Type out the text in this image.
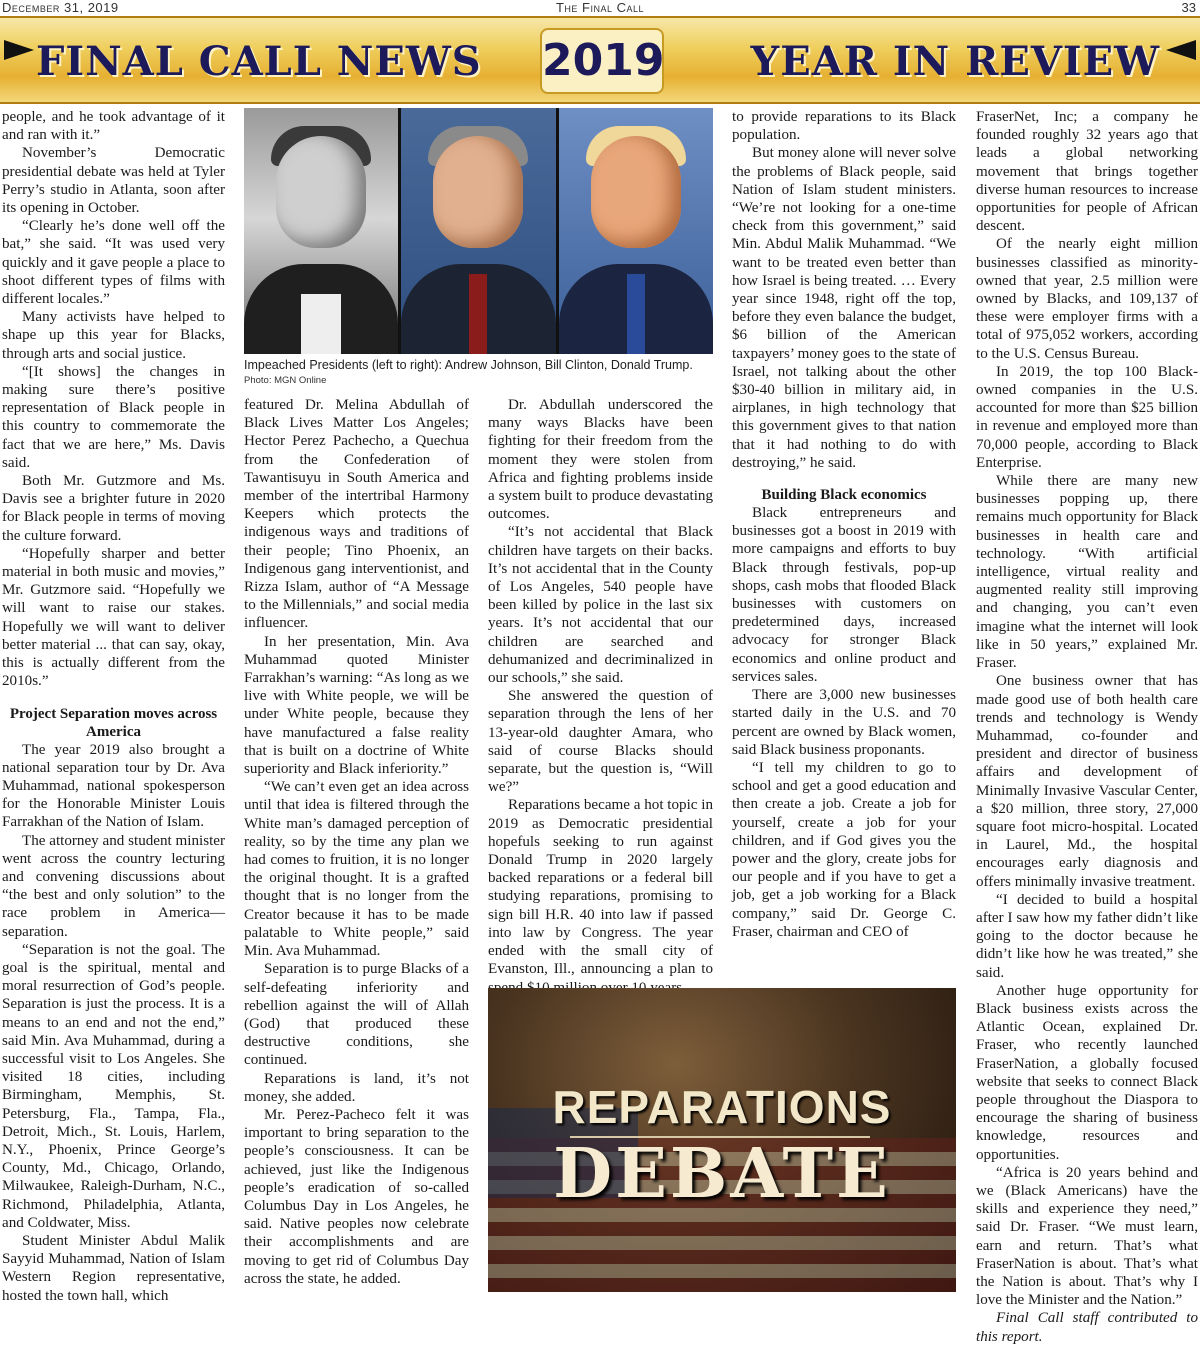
December 31, 2019	The Final Call	33
FINAL CALL NEWS 2019 YEAR IN REVIEW

people, and he took advantage of it and ran with it.”

November’s Democratic presidential debate was held at Tyler Perry’s studio in Atlanta, soon after its opening in October.

“Clearly he’s done well off the bat,” she said. “It was used very quickly and it gave people a place to shoot different types of films with different locales.”

Many activists have helped to shape up this year for Blacks, through arts and social justice.

“[It shows] the changes in making sure there’s positive representation of Black people in this country to commemorate the fact that we are here,” Ms. Davis said.

Both Mr. Gutzmore and Ms. Davis see a brighter future in 2020 for Black people in terms of moving the culture forward.

“Hopefully sharper and better material in both music and movies,” Mr. Gutzmore said. “Hopefully we will want to raise our stakes. Hopefully we will want to deliver better material ... that can say, okay, this is actually different from the 2010s.”

Project Separation moves across America

The year 2019 also brought a national separation tour by Dr. Ava Muhammad, national spokesperson for the Honorable Minister Louis Farrakhan of the Nation of Islam.

The attorney and student minister went across the country lecturing and convening discussions about “the best and only solution” to the race problem in America—separation.

“Separation is not the goal. The goal is the spiritual, mental and moral resurrection of God’s people. Separation is just the process. It is a means to an end and not the end,” said Min. Ava Muhammad, during a successful visit to Los Angeles. She visited 18 cities, including Birmingham, Memphis, St. Petersburg, Fla., Tampa, Fla., Detroit, Mich., St. Louis, Harlem, N.Y., Phoenix, Prince George’s County, Md., Chicago, Orlando, Milwaukee, Raleigh-Durham, N.C., Richmond, Philadelphia, Atlanta, and Coldwater, Miss.

Student Minister Abdul Malik Sayyid Muhammad, Nation of Islam Western Region representative, hosted the town hall, which

Impeached Presidents (left to right): Andrew Johnson, Bill Clinton, Donald Trump.
Photo: MGN Online

featured Dr. Melina Abdullah of Black Lives Matter Los Angeles; Hector Perez Pachecho, a Quechua from the Confederation of Tawantisuyu in South America and member of the intertribal Harmony Keepers which protects the indigenous ways and traditions of their people; Tino Phoenix, an Indigenous gang interventionist, and Rizza Islam, author of “A Message to the Millennials,” and social media influencer.

In her presentation, Min. Ava Muhammad quoted Minister Farrakhan’s warning: “As long as we live with White people, we will be under White people, because they have manufactured a false reality that is built on a doctrine of White superiority and Black inferiority.”

“We can’t even get an idea across until that idea is filtered through the White man’s damaged perception of reality, so by the time any plan we had comes to fruition, it is no longer the original thought. It is a grafted thought that is no longer from the Creator because it has to be made palatable to White people,” said Min. Ava Muhammad.

Separation is to purge Blacks of a self-defeating inferiority and rebellion against the will of Allah (God) that produced these destructive conditions, she continued.

Reparations is land, it’s not money, she added.

Mr. Perez-Pacheco felt it was important to bring separation to the people’s consciousness. It can be achieved, just like the Indigenous people’s eradication of so-called Columbus Day in Los Angeles, he said. Native peoples now celebrate their accomplishments and are moving to get rid of Columbus Day across the state, he added.

Dr. Abdullah underscored the many ways Blacks have been fighting for their freedom from the moment they were stolen from Africa and fighting problems inside a system built to produce devastating outcomes.

“It’s not accidental that Black children have targets on their backs. It’s not accidental that in the County of Los Angeles, 540 people have been killed by police in the last six years. It’s not accidental that our children are searched and dehumanized and decriminalized in our schools,” she said.

She answered the question of separation through the lens of her 13-year-old daughter Amara, who said of course Blacks should separate, but the question is, “Will we?”

Reparations became a hot topic in 2019 as Democratic presidential hopefuls seeking to run against Donald Trump in 2020 largely backed reparations or a federal bill studying reparations, promising to sign bill H.R. 40 into law if passed into law by Congress. The year ended with the small city of Evanston, Ill., announcing a plan to

REPARATIONS
DEBATE

to provide reparations to its Black population.

But money alone will never solve the problems of Black people, said Nation of Islam student ministers. “We’re not looking for a one-time check from this government,” said Min. Abdul Malik Muhammad. “We want to be treated even better than how Israel is being treated. … Every year since 1948, right off the top, before they even balance the budget, $6 billion of the American taxpayers’ money goes to the state of Israel, not talking about the other $30-40 billion in military aid, in airplanes, in high technology that this government gives to that nation that it had nothing to do with destroying,” he said.

Building Black economics

Black entrepreneurs and businesses got a boost in 2019 with more campaigns and efforts to buy Black through festivals, pop-up shops, cash mobs that flooded Black businesses with customers on predetermined days, increased advocacy for stronger Black economics and online product and services sales.

There are 3,000 new businesses started daily in the U.S. and 70 percent are owned by Black women, said Black business proponants.

“I tell my children to go to school and get a good education and then create a job. Create a job for yourself, create a job for your children, and if God gives you the power and the glory, create jobs for our people and if you have to get a job, get a job working for a Black company,” said Dr. George C. Fraser, chairman and CEO of

FraserNet, Inc; a company he founded roughly 32 years ago that leads a global networking movement that brings together diverse human resources to increase opportunities for people of African descent.

Of the nearly eight million businesses classified as minority-owned that year, 2.5 million were owned by Blacks, and 109,137 of these were employer firms with a total of 975,052 workers, according to the U.S. Census Bureau.

In 2019, the top 100 Black-owned companies in the U.S. accounted for more than $25 billion in revenue and employed more than 70,000 people, according to Black Enterprise.

While there are many new businesses popping up, there remains much opportunity for Black businesses in health care and technology. “With artificial intelligence, virtual reality and augmented reality still improving and changing, you can’t even imagine what the internet will look like in 50 years,” explained Mr. Fraser.

One business owner that has made good use of both health care trends and technology is Wendy Muhammad, co-founder and president and director of business affairs and development of Minimally Invasive Vascular Center, a $20 million, three story, 27,000 square foot micro-hospital. Located in Laurel, Md., the hospital encourages early diagnosis and offers minimally invasive treatment.

“I decided to build a hospital after I saw how my father didn’t like going to the doctor because he didn’t like how he was treated,” she said.

Another huge opportunity for Black business exists across the Atlantic Ocean, explained Dr. Fraser, who recently launched FraserNation, a globally focused website that seeks to connect Black people throughout the Diaspora to encourage the sharing of business knowledge, resources and opportunities.

“Africa is 20 years behind and we (Black Americans) have the skills and experience they need,” said Dr. Fraser. “We must learn, earn and return. That’s what FraserNation is about. That’s what the Nation is about. That’s why I love the Minister and the Nation.”

Final Call staff contributed to this report.
